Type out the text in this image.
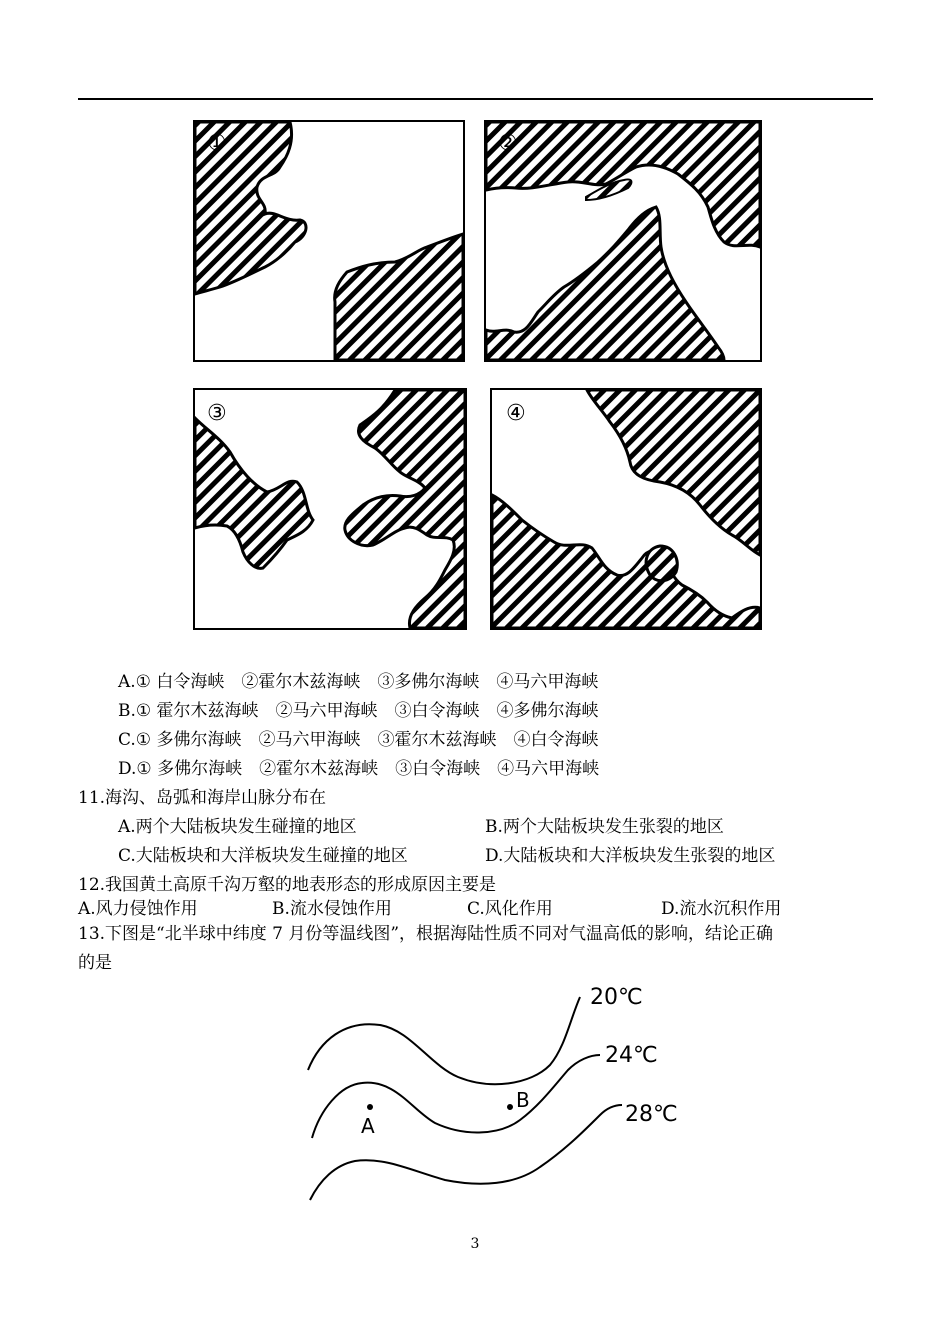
①	②
③	④
A.① 白令海峡　②霍尔木兹海峡　③多佛尔海峡　④马六甲海峡
B.① 霍尔木兹海峡　②马六甲海峡　③白令海峡　④多佛尔海峡
C.① 多佛尔海峡　②马六甲海峡　③霍尔木兹海峡　④白令海峡
D.① 多佛尔海峡　②霍尔木兹海峡　③白令海峡　④马六甲海峡
11.海沟、岛弧和海岸山脉分布在
A.两个大陆板块发生碰撞的地区	B.两个大陆板块发生张裂的地区
C.大陆板块和大洋板块发生碰撞的地区	D.大陆板块和大洋板块发生张裂的地区
12.我国黄土高原千沟万壑的地表形态的形成原因主要是
A.风力侵蚀作用	B.流水侵蚀作用	C.风化作用	D.流水沉积作用
13.下图是“北半球中纬度 7 月份等温线图”，根据海陆性质不同对气温高低的影响，结论正确
的是
20℃
24℃
28℃
A
B
3
